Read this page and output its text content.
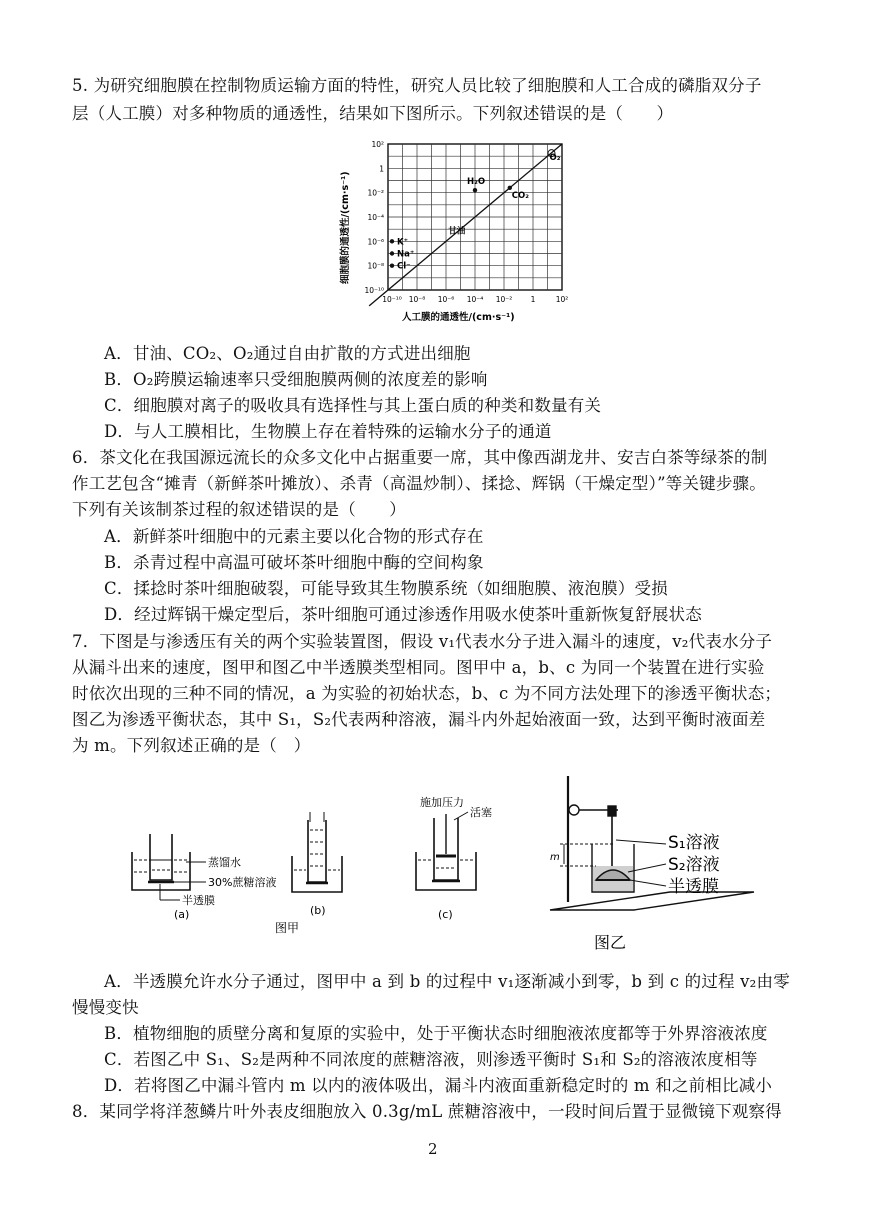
5. 为研究细胞膜在控制物质运输方面的特性，研究人员比较了细胞膜和人工合成的磷脂双分子
层（人工膜）对多种物质的通透性，结果如下图所示。下列叙述错误的是（　　）
10²
1
10⁻²
10⁻⁴
10⁻⁶
10⁻⁸
10⁻¹⁰
10⁻¹⁰ 10⁻⁸ 10⁻⁶ 10⁻⁴ 10⁻² 1	10²
O₂
H₂O
CO₂
甘油
K⁺
Na⁺
Cl⁻
细胞膜的通透性/(cm·s⁻¹)
人工膜的通透性/(cm·s⁻¹)
A．甘油、CO₂、O₂通过自由扩散的方式进出细胞
B．O₂跨膜运输速率只受细胞膜两侧的浓度差的影响
C．细胞膜对离子的吸收具有选择性与其上蛋白质的种类和数量有关
D．与人工膜相比，生物膜上存在着特殊的运输水分子的通道
6．茶文化在我国源远流长的众多文化中占据重要一席，其中像西湖龙井、安吉白茶等绿茶的制
作工艺包含“摊青（新鲜茶叶摊放）、杀青（高温炒制）、揉捻、辉锅（干燥定型）”等关键步骤。
下列有关该制茶过程的叙述错误的是（　　）
A．新鲜茶叶细胞中的元素主要以化合物的形式存在
B．杀青过程中高温可破坏茶叶细胞中酶的空间构象
C．揉捻时茶叶细胞破裂，可能导致其生物膜系统（如细胞膜、液泡膜）受损
D．经过辉锅干燥定型后，茶叶细胞可通过渗透作用吸水使茶叶重新恢复舒展状态
7．下图是与渗透压有关的两个实验装置图，假设 v₁代表水分子进入漏斗的速度，v₂代表水分子
从漏斗出来的速度，图甲和图乙中半透膜类型相同。图甲中 a，b、c 为同一个装置在进行实验
时依次出现的三种不同的情况，a 为实验的初始状态，b、c 为不同方法处理下的渗透平衡状态；
图乙为渗透平衡状态，其中 S₁，S₂代表两种溶液，漏斗内外起始液面一致，达到平衡时液面差
为 m。下列叙述正确的是（　）
蒸馏水
30%蔗糖溶液
半透膜
(a)	(b)
图甲
施加压力
活塞
(c)
m
S₁溶液
S₂溶液
半透膜
图乙
A．半透膜允许水分子通过，图甲中 a 到 b 的过程中 v₁逐渐减小到零，b 到 c 的过程 v₂由零
慢慢变快
B．植物细胞的质壁分离和复原的实验中，处于平衡状态时细胞液浓度都等于外界溶液浓度
C．若图乙中 S₁、S₂是两种不同浓度的蔗糖溶液，则渗透平衡时 S₁和 S₂的溶液浓度相等
D．若将图乙中漏斗管内 m 以内的液体吸出，漏斗内液面重新稳定时的 m 和之前相比减小
8．某同学将洋葱鳞片叶外表皮细胞放入 0.3g/mL 蔗糖溶液中，一段时间后置于显微镜下观察得
2
